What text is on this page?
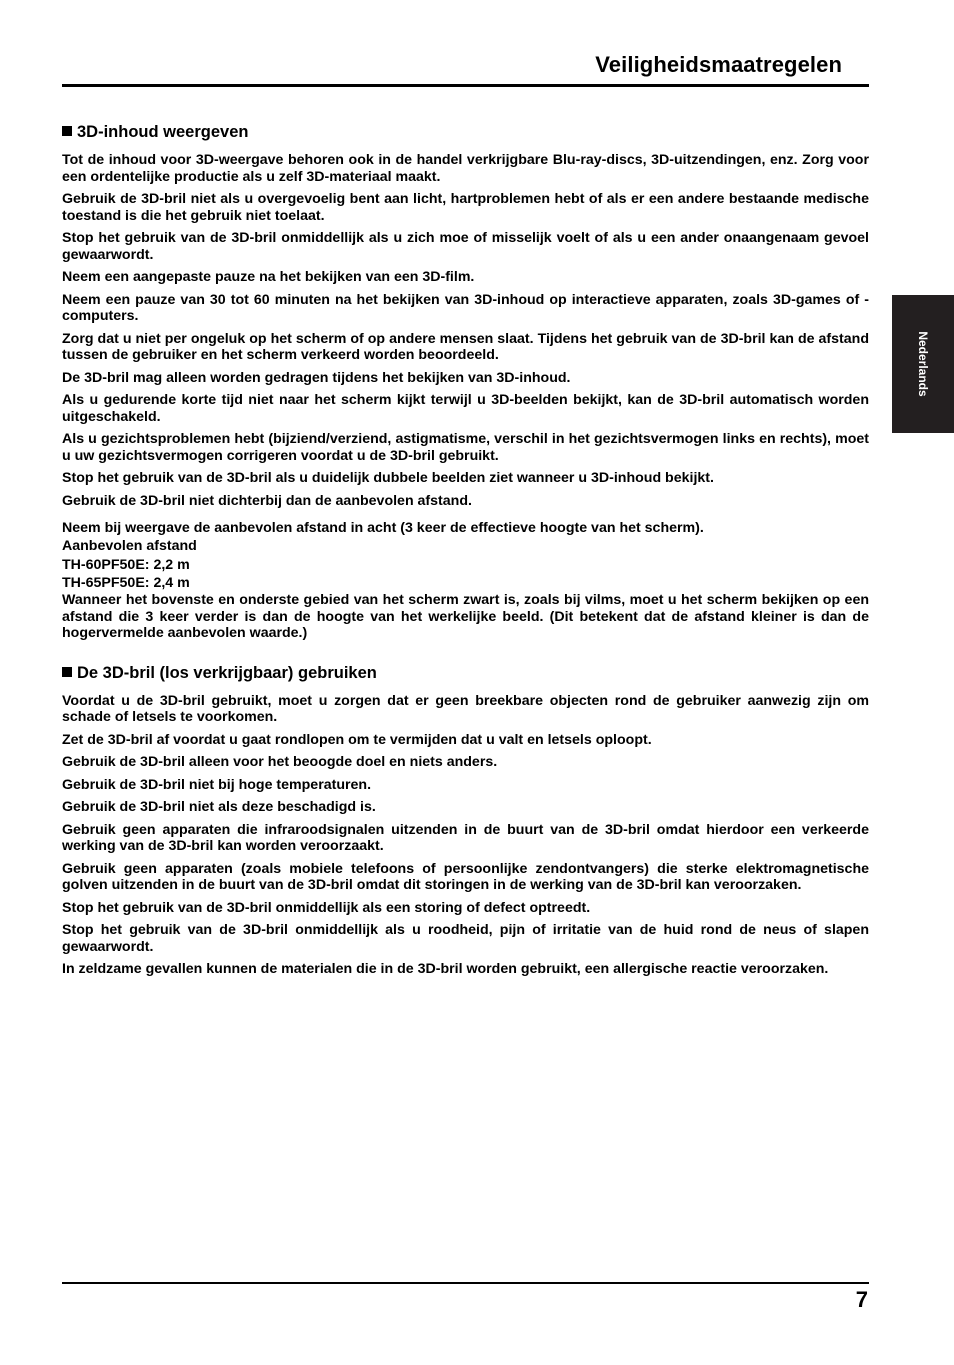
Veiligheidsmaatregelen
Nederlands
3D-inhoud weergeven

Tot de inhoud voor 3D-weergave behoren ook in de handel verkrijgbare Blu-ray-discs, 3D-uitzendingen, enz. Zorg voor een ordentelijke productie als u zelf 3D-materiaal maakt.

Gebruik de 3D-bril niet als u overgevoelig bent aan licht, hartproblemen hebt of als er een andere bestaande medische toestand is die het gebruik niet toelaat.

Stop het gebruik van de 3D-bril onmiddellijk als u zich moe of misselijk voelt of als u een ander onaangenaam gevoel gewaarwordt.

Neem een aangepaste pauze na het bekijken van een 3D-film.

Neem een pauze van 30 tot 60 minuten na het bekijken van 3D-inhoud op interactieve apparaten, zoals 3D-games of -computers.

Zorg dat u niet per ongeluk op het scherm of op andere mensen slaat. Tijdens het gebruik van de 3D-bril kan de afstand tussen de gebruiker en het scherm verkeerd worden beoordeeld.

De 3D-bril mag alleen worden gedragen tijdens het bekijken van 3D-inhoud.

Als u gedurende korte tijd niet naar het scherm kijkt terwijl u 3D-beelden bekijkt, kan de 3D-bril automatisch worden uitgeschakeld.

Als u gezichtsproblemen hebt (bijziend/verziend, astigmatisme, verschil in het gezichtsvermogen links en rechts), moet u uw gezichtsvermogen corrigeren voordat u de 3D-bril gebruikt.

Stop het gebruik van de 3D-bril als u duidelijk dubbele beelden ziet wanneer u 3D-inhoud bekijkt.

Gebruik de 3D-bril niet dichterbij dan de aanbevolen afstand.

Neem bij weergave de aanbevolen afstand in acht (3 keer de effectieve hoogte van het scherm).
Aanbevolen afstand
TH-60PF50E: 2,2 m
TH-65PF50E: 2,4 m
Wanneer het bovenste en onderste gebied van het scherm zwart is, zoals bij vilms, moet u het scherm bekijken op een afstand die 3 keer verder is dan de hoogte van het werkelijke beeld. (Dit betekent dat de afstand kleiner is dan de hogervermelde aanbevolen waarde.)
De 3D-bril (los verkrijgbaar) gebruiken

Voordat u de 3D-bril gebruikt, moet u zorgen dat er geen breekbare objecten rond de gebruiker aanwezig zijn om schade of letsels te voorkomen.

Zet de 3D-bril af voordat u gaat rondlopen om te vermijden dat u valt en letsels oploopt.

Gebruik de 3D-bril alleen voor het beoogde doel en niets anders.

Gebruik de 3D-bril niet bij hoge temperaturen.

Gebruik de 3D-bril niet als deze beschadigd is.

Gebruik geen apparaten die infraroodsignalen uitzenden in de buurt van de 3D-bril omdat hierdoor een verkeerde werking van de 3D-bril kan worden veroorzaakt.

Gebruik geen apparaten (zoals mobiele telefoons of persoonlijke zendontvangers) die sterke elektromagnetische golven uitzenden in de buurt van de 3D-bril omdat dit storingen in de werking van de 3D-bril kan veroorzaken.

Stop het gebruik van de 3D-bril onmiddellijk als een storing of defect optreedt.

Stop het gebruik van de 3D-bril onmiddellijk als u roodheid, pijn of irritatie van de huid rond de neus of slapen gewaarwordt.

In zeldzame gevallen kunnen de materialen die in de 3D-bril worden gebruikt, een allergische reactie veroorzaken.

7
